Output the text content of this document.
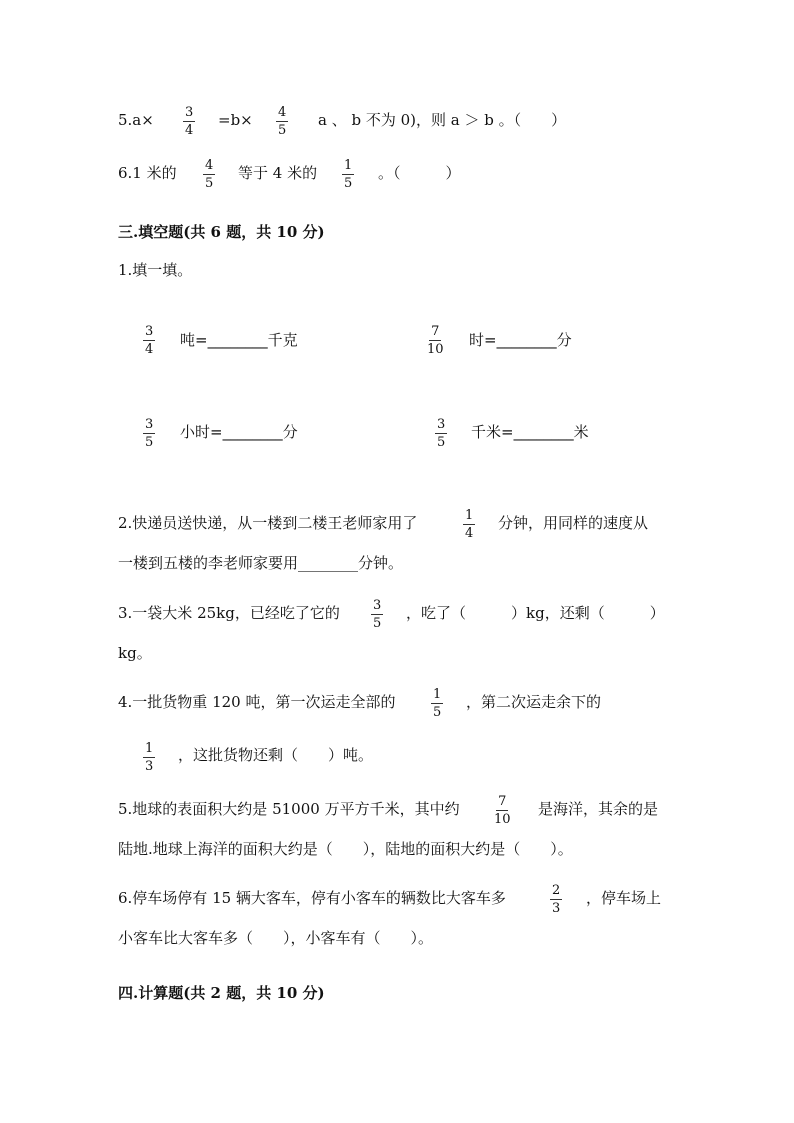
$5.a\times \frac{3}{4} =b\times \frac{4}{5}$ a 、 b 不为 0)，则 a ＞ b 。（　　）
6.1 米的 $\frac{4}{5}$ 等于 4 米的 $\frac{1}{5}$ 。（　　　）
三.填空题(共 6 题，共 10 分)
1.填一填。
$\frac{3}{4}$ 吨=________千克	$\frac{7}{10}$ 时=________分
$\frac{3}{5}$ 小时=________分	$\frac{3}{5}$ 千米=________米
2.快递员送快递，从一楼到二楼王老师家用了	$\frac{1}{4}$ 分钟，用同样的速度从
一楼到五楼的李老师家要用________分钟。
3.一袋大米 25kg，已经吃了它的 $\frac{3}{5}$ ，吃了（　　　）kg，还剩（　　　）
kg。
4.一批货物重 120 吨，第一次运走全部的	$\frac{1}{5}$ ，第二次运走余下的
$\frac{1}{3}$ ，这批货物还剩（　　）吨。
5.地球的表面积大约是 51000 万平方千米，其中约	$\frac{7}{10}$ 是海洋，其余的是
陆地.地球上海洋的面积大约是（　　），陆地的面积大约是（　　）。
6.停车场停有 15 辆大客车，停有小客车的辆数比大客车多	$\frac{2}{3}$ ，停车场上
小客车比大客车多（　　），小客车有（　　）。
四.计算题(共 2 题，共 10 分)
